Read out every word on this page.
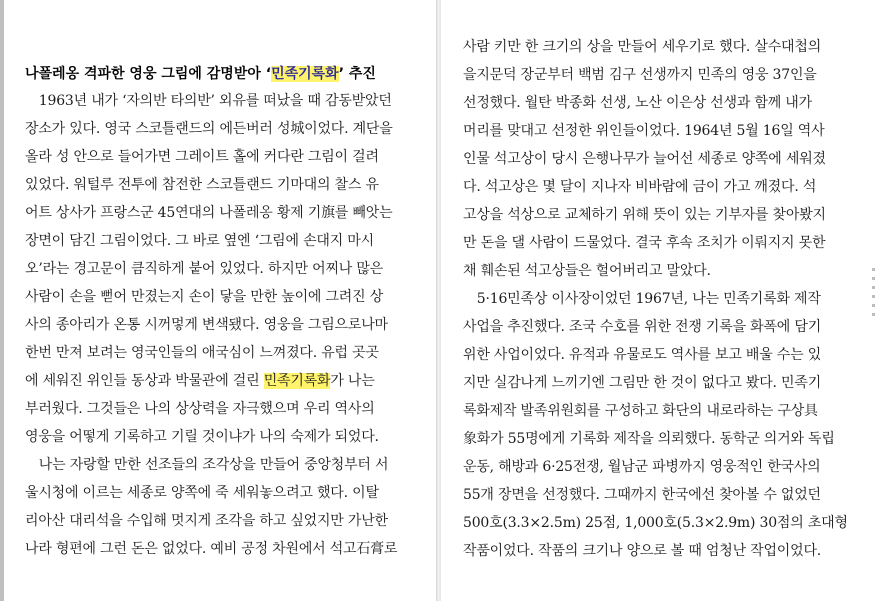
나폴레옹 격파한 영웅 그림에 감명받아 ‘민족기록화’ 추진
　1963년 내가 ‘자의반 타의반’ 외유를 떠났을 때 감동받았던
장소가 있다. 영국 스코틀랜드의 에든버러 성城이었다. 계단을
올라 성 안으로 들어가면 그레이트 홀에 커다란 그림이 걸려
있었다. 워털루 전투에 참전한 스코틀랜드 기마대의 찰스 유
어트 상사가 프랑스군 45연대의 나폴레옹 황제 기旗를 빼앗는
장면이 담긴 그림이었다. 그 바로 옆엔 ‘그림에 손대지 마시
오’라는 경고문이 큼직하게 붙어 있었다. 하지만 어찌나 많은
사람이 손을 뻗어 만졌는지 손이 닿을 만한 높이에 그려진 상
사의 종아리가 온통 시꺼멓게 변색됐다. 영웅을 그림으로나마
한번 만져 보려는 영국인들의 애국심이 느껴졌다. 유럽 곳곳
에 세워진 위인들 동상과 박물관에 걸린 민족기록화가 나는
부러웠다. 그것들은 나의 상상력을 자극했으며 우리 역사의
영웅을 어떻게 기록하고 기릴 것이냐가 나의 숙제가 되었다.
　나는 자랑할 만한 선조들의 조각상을 만들어 중앙청부터 서
울시청에 이르는 세종로 양쪽에 죽 세워놓으려고 했다. 이탈
리아산 대리석을 수입해 멋지게 조각을 하고 싶었지만 가난한
나라 형편에 그런 돈은 없었다. 예비 공정 차원에서 석고石膏로
사람 키만 한 크기의 상을 만들어 세우기로 했다. 살수대첩의
을지문덕 장군부터 백범 김구 선생까지 민족의 영웅 37인을
선정했다. 월탄 박종화 선생, 노산 이은상 선생과 함께 내가
머리를 맞대고 선정한 위인들이었다. 1964년 5월 16일 역사
인물 석고상이 당시 은행나무가 늘어선 세종로 양쪽에 세워졌
다. 석고상은 몇 달이 지나자 비바람에 금이 가고 깨졌다. 석
고상을 석상으로 교체하기 위해 뜻이 있는 기부자를 찾아봤지
만 돈을 댈 사람이 드물었다. 결국 후속 조치가 이뤄지지 못한
채 훼손된 석고상들은 헐어버리고 말았다.
　5·16민족상 이사장이었던 1967년, 나는 민족기록화 제작
사업을 추진했다. 조국 수호를 위한 전쟁 기록을 화폭에 담기
위한 사업이었다. 유적과 유물로도 역사를 보고 배울 수는 있
지만 실감나게 느끼기엔 그림만 한 것이 없다고 봤다. 민족기
록화제작 발족위원회를 구성하고 화단의 내로라하는 구상具
象화가 55명에게 기록화 제작을 의뢰했다. 동학군 의거와 독립
운동, 해방과 6·25전쟁, 월남군 파병까지 영웅적인 한국사의
55개 장면을 선정했다. 그때까지 한국에선 찾아볼 수 없었던
500호(3.3×2.5m) 25점, 1,000호(5.3×2.9m) 30점의 초대형
작품이었다. 작품의 크기나 양으로 볼 때 엄청난 작업이었다.
